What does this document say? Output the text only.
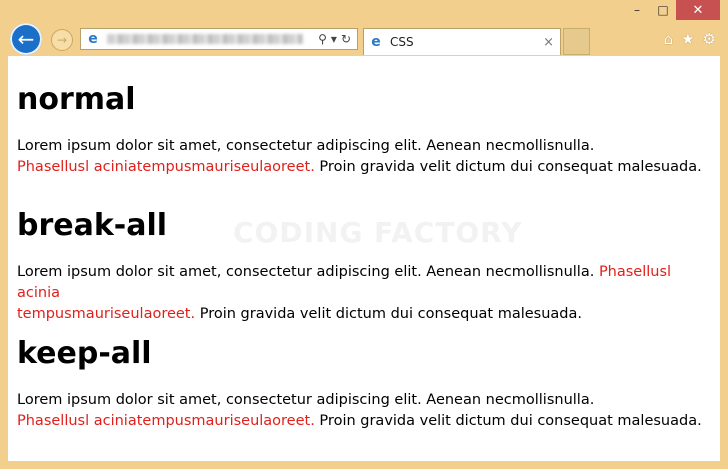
–	□	✕
← → e	⚲ ▾ ↻ e CSS	×	⌂ ★ ⚙
CODING FACTORY
normal

Lorem ipsum dolor sit amet, consectetur adipiscing elit. Aenean necmollisnulla.
Phasellusl aciniatempusmauriseulaoreet. Proin gravida velit dictum dui consequat malesuada.

break-all

Lorem ipsum dolor sit amet, consectetur adipiscing elit. Aenean necmollisnulla. Phasellusl acinia
tempusmauriseulaoreet. Proin gravida velit dictum dui consequat malesuada.

keep-all

Lorem ipsum dolor sit amet, consectetur adipiscing elit. Aenean necmollisnulla.
Phasellusl aciniatempusmauriseulaoreet. Proin gravida velit dictum dui consequat malesuada.
